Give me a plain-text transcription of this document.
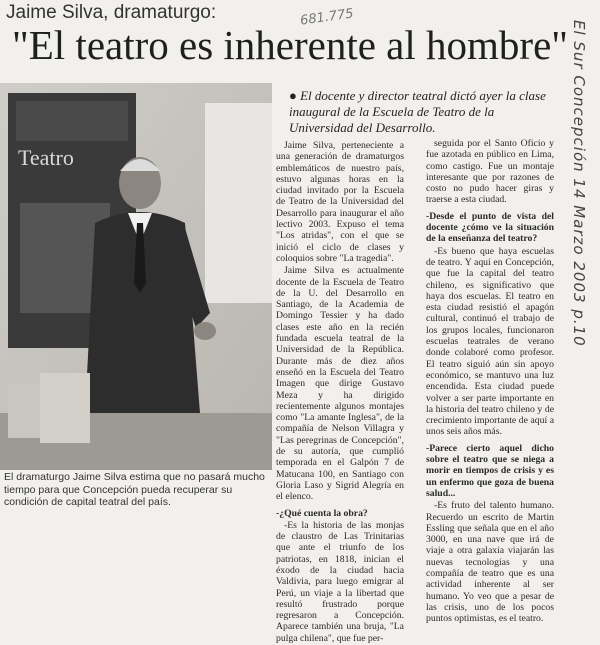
Jaime Silva, dramaturgo:	681.775
"El teatro es inherente al hombre"
Teatro
El dramaturgo Jaime Silva estima que no pasará mucho tiempo para que Concepción pueda recuperar su condición de capital teatral del país.
● El docente y director teatral dictó ayer la clase inaugural de la Escuela de Teatro de la Universidad del Desarrollo.

Jaime Silva, perteneciente a una generación de dramaturgos emblemáticos de nuestro país, estuvo algunas horas en la ciudad invitado por la Escuela de Teatro de la Universidad del Desarrollo para inaugurar el año lectivo 2003. Expuso el tema "Los atridas", con el que se inició el ciclo de clases y coloquios sobre "La tragedia".

Jaime Silva es actualmente docente de la Escuela de Teatro de la U. del Desarrollo en Santiago, de la Academia de Domingo Tessier y ha dado clases este año en la recién fundada escuela teatral de la Universidad de la República. Durante más de diez años enseñó en la Escuela del Teatro Imagen que dirige Gustavo Meza y ha dirigido recientemente algunos montajes como "La amante Inglesa", de la compañía de Nelson Villagra y "Las peregrinas de Concepción", de su autoría, que cumplió temporada en el Galpón 7 de Matucana 100, en Santiago con Gloria Laso y Sigrid Alegría en el elenco.

-¿Qué cuenta la obra?

-Es la historia de las monjas de claustro de Las Trinitarias que ante el triunfo de los patriotas, en 1818, inician el éxodo de la ciudad hacia Valdivia, para luego emigrar al Perú, un viaje a la libertad que resultó frustrado porque regresaron a Concepción. Aparece también una bruja, "La pulga chilena", que fue per-

seguida por el Santo Oficio y fue azotada en público en Lima, como castigo. Fue un montaje interesante que por razones de costo no pudo hacer giras y traerse a esta ciudad.

-Desde el punto de vista del docente ¿cómo ve la situación de la enseñanza del teatro?

-Es bueno que haya escuelas de teatro. Y aquí en Concepción, que fue la capital del teatro chileno, es significativo que haya dos escuelas. El teatro en esta ciudad resistió el apagón cultural, continuó el trabajo de los grupos locales, funcionaron escuelas teatrales de verano donde colaboré como profesor. El teatro siguió aún sin apoyo económico, se mantuvo una luz encendida. Esta ciudad puede volver a ser parte importante en la historia del teatro chileno y de crecimiento importante de aquí a unos seis años más.

-Parece cierto aquel dicho sobre el teatro que se niega a morir en tiempos de crisis y es un enfermo que goza de buena salud...

-Es fruto del talento humano. Recuerdo un escrito de Martin Essling que señala que en el año 3000, en una nave que irá de viaje a otra galaxia viajarán las nuevas tecnologías y una compañía de teatro que es una actividad inherente al ser humano. Yo veo que a pesar de las crisis, uno de los pocos puntos optimistas, es el teatro.

El Sur Concepción 14 Marzo 2003 p.10
